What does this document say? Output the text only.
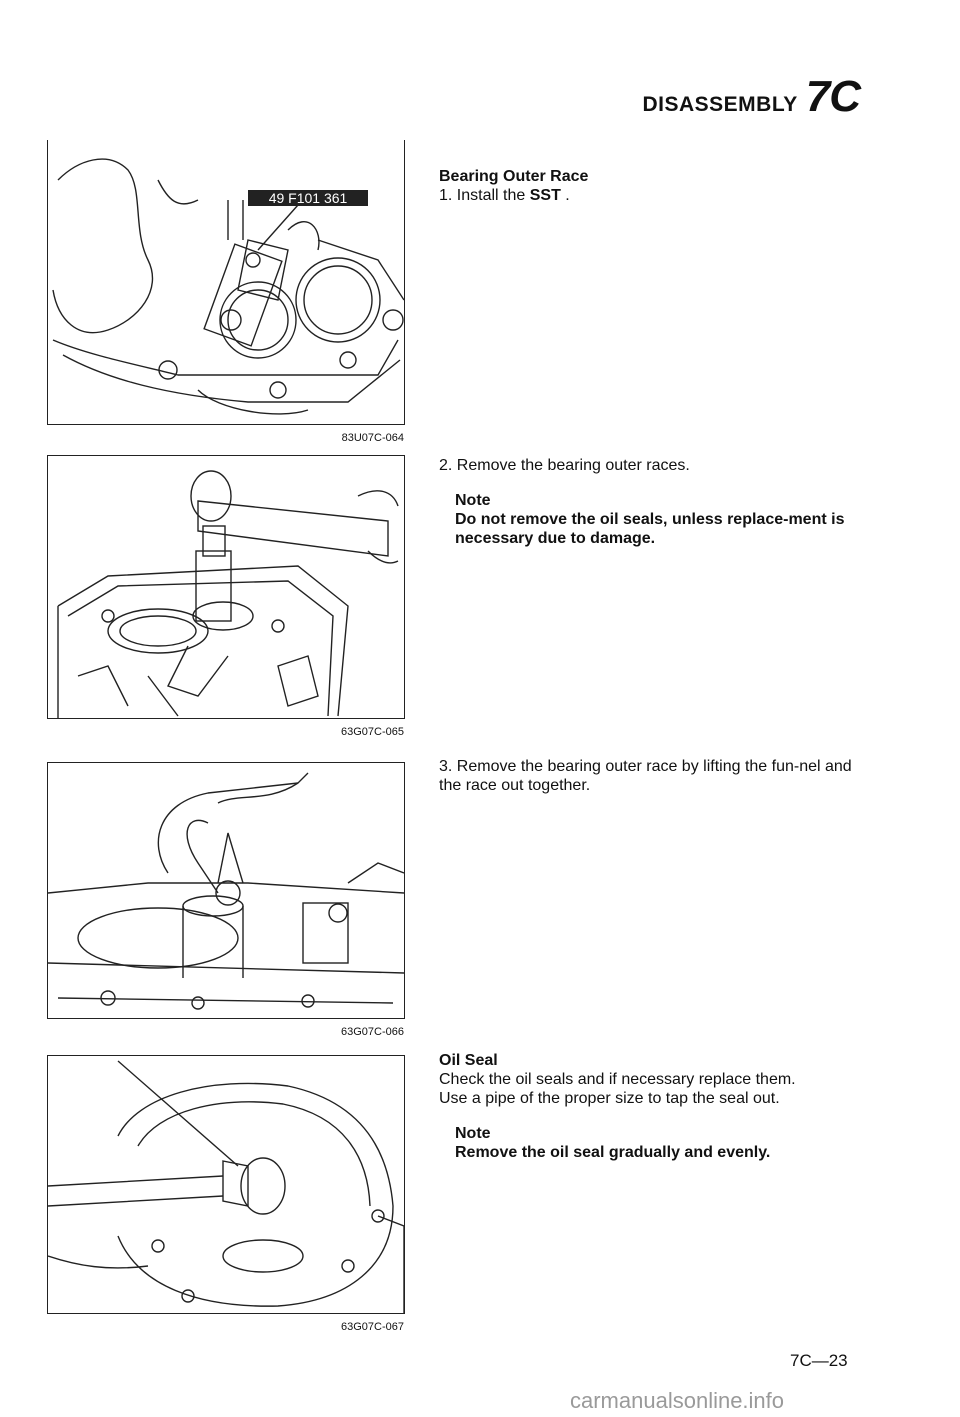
DISASSEMBLY 7C
49 F101 361
83U07C-064
63G07C-065
63G07C-066
63G07C-067
Bearing Outer Race
1. Install the SST .
2. Remove the bearing outer races.
Note
Do not remove the oil seals, unless replace-ment is necessary due to damage.
3. Remove the bearing outer race by lifting the fun-nel and the race out together.
Oil Seal
Check the oil seals and if necessary replace them.
Use a pipe of the proper size to tap the seal out.
Note
Remove the oil seal gradually and evenly.
7C—23
carmanualsonline.info
